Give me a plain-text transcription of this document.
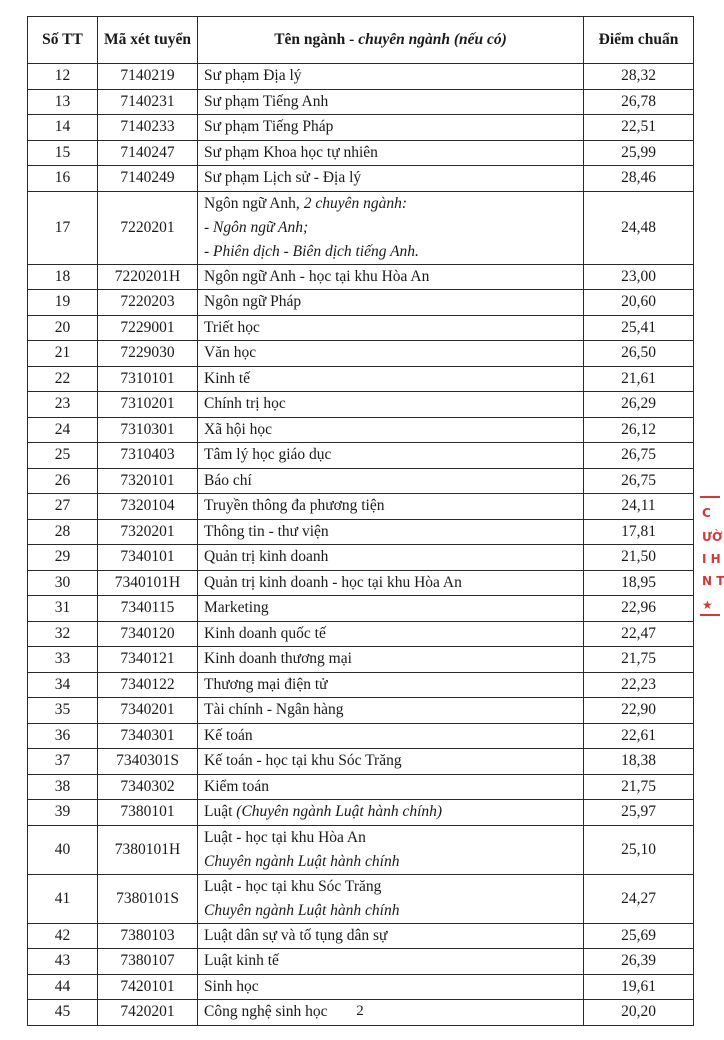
Số TT	Mã xét tuyển	Tên ngành - chuyên ngành (nếu có)	Điểm chuẩn
12	7140219	Sư phạm Địa lý	28,32
13	7140231	Sư phạm Tiếng Anh	26,78
14	7140233	Sư phạm Tiếng Pháp	22,51
15	7140247	Sư phạm Khoa học tự nhiên	25,99
16	7140249	Sư phạm Lịch sử - Địa lý	28,46
17	7220201	Ngôn ngữ Anh, 2 chuyên ngành:
- Ngôn ngữ Anh;
- Phiên dịch - Biên dịch tiếng Anh.	24,48
18	7220201H	Ngôn ngữ Anh - học tại khu Hòa An	23,00
19	7220203	Ngôn ngữ Pháp	20,60
20	7229001	Triết học	25,41
21	7229030	Văn học	26,50
22	7310101	Kinh tế	21,61
23	7310201	Chính trị học	26,29
24	7310301	Xã hội học	26,12
25	7310403	Tâm lý học giáo dục	26,75
26	7320101	Báo chí	26,75
27	7320104	Truyền thông đa phương tiện	24,11
28	7320201	Thông tin - thư viện	17,81
29	7340101	Quản trị kinh doanh	21,50
30	7340101H	Quản trị kinh doanh - học tại khu Hòa An	18,95
31	7340115	Marketing	22,96
32	7340120	Kinh doanh quốc tế	22,47
33	7340121	Kinh doanh thương mại	21,75
34	7340122	Thương mại điện tử	22,23
35	7340201	Tài chính - Ngân hàng	22,90
36	7340301	Kế toán	22,61
37	7340301S	Kế toán - học tại khu Sóc Trăng	18,38
38	7340302	Kiểm toán	21,75
39	7380101	Luật (Chuyên ngành Luật hành chính)	25,97
40	7380101H	Luật - học tại khu Hòa An
Chuyên ngành Luật hành chính	25,10
41	7380101S	Luật - học tại khu Sóc Trăng
Chuyên ngành Luật hành chính	24,27
42	7380103	Luật dân sự và tố tụng dân sự	25,69
43	7380107	Luật kinh tế	26,39
44	7420101	Sinh học	19,61
45	7420201	Công nghệ sinh học	20,20
2
C
ƯỜ
I H
N T
★
